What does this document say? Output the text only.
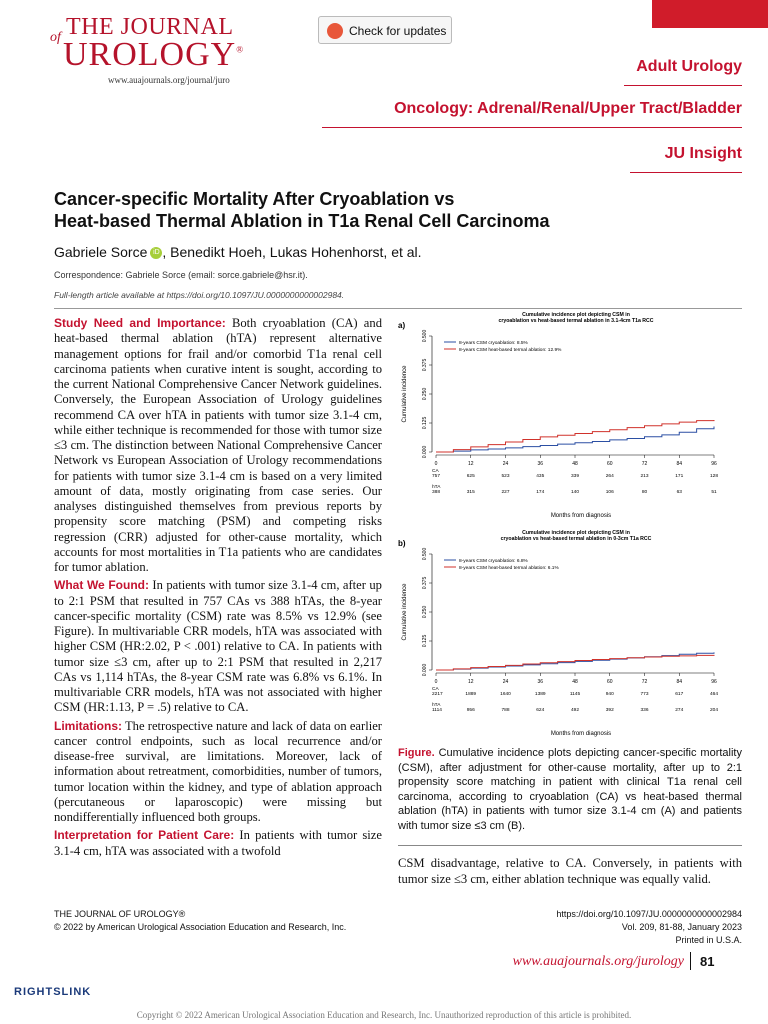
of THE JOURNAL
UROLOGY®
www.auajournals.org/journal/juro
Check for updates
Adult Urology
Oncology: Adrenal/Renal/Upper Tract/Bladder
JU Insight
Cancer-specific Mortality After Cryoablation vs
Heat-based Thermal Ablation in T1a Renal Cell Carcinoma
Gabriele Sorce iD , Benedikt Hoeh, Lukas Hohenhorst, et al.
Correspondence: Gabriele Sorce (email: sorce.gabriele@hsr.it).
Full-length article available at https://doi.org/10.1097/JU.0000000000002984.

Study Need and Importance: Both cryoablation (CA) and heat-based thermal ablation (hTA) represent alternative management options for frail and/or comorbid T1a renal cell carcinoma patients when curative intent is sought, according to the current National Comprehensive Cancer Network guidelines. Conversely, the European Association of Urology guidelines recommend CA over hTA in patients with tumor size 3.1-4 cm, while either technique is recommended for those with tumor size ≤3 cm. The distinction between National Comprehensive Cancer Network vs European Association of Urology recommendations for patients with tumor size 3.1-4 cm is based on a very limited amount of data, mostly originating from case series. Our analyses distinguished themselves from previous reports by propensity score matching (PSM) and competing risks regression (CRR) adjusted for other-cause mortality, which accounts for most mortalities in T1a patients who are candidates for tumor ablation.

What We Found: In patients with tumor size 3.1-4 cm, after up to 2:1 PSM that resulted in 757 CAs vs 388 hTAs, the 8-year cancer-specific mortality (CSM) rate was 8.5% vs 12.9% (see Figure). In multivariable CRR models, hTA was associated with higher CSM (HR:2.02, P < .001) relative to CA. In patients with tumor size ≤3 cm, after up to 2:1 PSM that resulted in 2,217 CAs vs 1,114 hTAs, the 8-year CSM rate was 6.8% vs 6.1%. In multivariable CRR models, hTA was not associated with higher CSM (HR:1.13, P = .5) relative to CA.

Limitations: The retrospective nature and lack of data on earlier cancer control endpoints, such as local recurrence and/or disease-free survival, are limitations. Moreover, lack of information about retreatment, comorbidities, number of tumors, tumor location within the kidney, and type of ablation approach (percutaneous or laparoscopic) were missing but nondifferentially influenced both groups.

Interpretation for Patient Care: In patients with tumor size 3.1-4 cm, hTA was associated with a twofold

a)
Cumulative incidence plot depicting CSM in
cryoablation vs heat-based termal ablation in 3.1-4cm T1a RCC
0.000
0.125
0.250
0.375
0.500
Cumulative incidence
0	12	24	36	48	60	72	84	96
8-years CSM cryoablation: 8.5%
8-years CSM heat-based termal ablation: 12.9%
CA
757	625	523	435	339	264	213	171	128
hTA
388	315	227	174	140	106	80	63	51
Months from diagnosis
b)
Cumulative incidence plot depicting CSM in
cryoablation vs heat-based termal ablation in 0-3cm T1a RCC
0.000
0.125
0.250
0.375
0.500
Cumulative incidence
0	12	24	36	48	60	72	84	96
8-years CSM cryoablation: 6.8%
8-years CSM heat-based termal ablation: 6.1%
CA
2217	1889	1640	1389	1145	940	773	617	464
hTA
1114	956	788	624	492	392	336	274	204
Months from diagnosis
Figure. Cumulative incidence plots depicting cancer-specific mortality (CSM), after adjustment for other-cause mortality, after up to 2:1 propensity score matching in patient with clinical T1a renal cell carcinoma, according to cryoablation (CA) vs heat-based thermal ablation (hTA) in patients with tumor size 3.1-4 cm (A) and patients with tumor size ≤3 cm (B).
CSM disadvantage, relative to CA. Conversely, in patients with tumor size ≤3 cm, either ablation technique was equally valid.
THE JOURNAL OF UROLOGY®
© 2022 by American Urological Association Education and Research, Inc.
https://doi.org/10.1097/JU.0000000000002984
Vol. 209, 81-88, January 2023
Printed in U.S.A.
www.auajournals.org/jurology 81
RIGHTSLINK
Copyright © 2022 American Urological Association Education and Research, Inc. Unauthorized reproduction of this article is prohibited.
